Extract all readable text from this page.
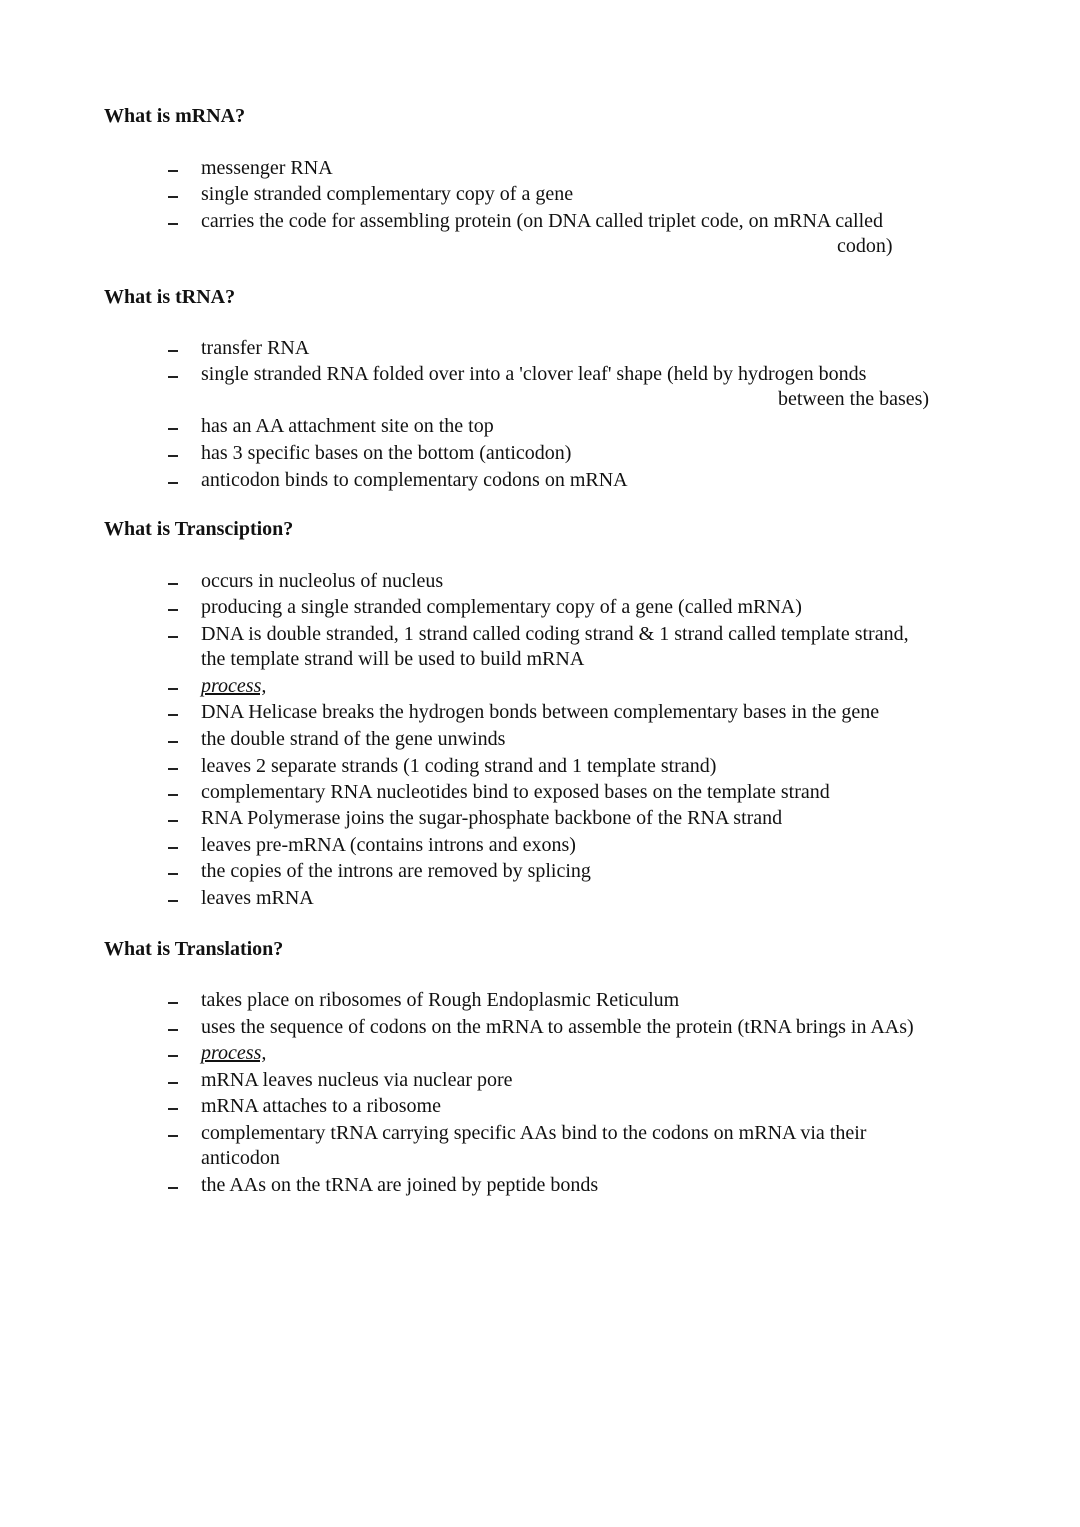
What is mRNA?
messenger RNA
single stranded complementary copy of a gene
carries the code for assembling protein (on DNA called triplet code, on mRNA called
codon)
What is tRNA?
transfer RNA
single stranded RNA folded over into a 'clover leaf' shape (held by hydrogen bonds
between the bases)
has an AA attachment site on the top
has 3 specific bases on the bottom (anticodon)
anticodon binds to complementary codons on mRNA
What is Transciption?
occurs in nucleolus of nucleus
producing a single stranded complementary copy of a gene (called mRNA)
DNA is double stranded, 1 strand called coding strand & 1 strand called template strand,
the template strand will be used to build mRNA
process,
DNA Helicase breaks the hydrogen bonds between complementary bases in the gene
the double strand of the gene unwinds
leaves 2 separate strands (1 coding strand and 1 template strand)
complementary RNA nucleotides bind to exposed bases on the template strand
RNA Polymerase joins the sugar-phosphate backbone of the RNA strand
leaves pre-mRNA (contains introns and exons)
the copies of the introns are removed by splicing
leaves mRNA
What is Translation?
takes place on ribosomes of Rough Endoplasmic Reticulum
uses the sequence of codons on the mRNA to assemble the protein (tRNA brings in AAs)
process,
mRNA leaves nucleus via nuclear pore
mRNA attaches to a ribosome
complementary tRNA carrying specific AAs bind to the codons on mRNA via their
anticodon
the AAs on the tRNA are joined by peptide bonds
